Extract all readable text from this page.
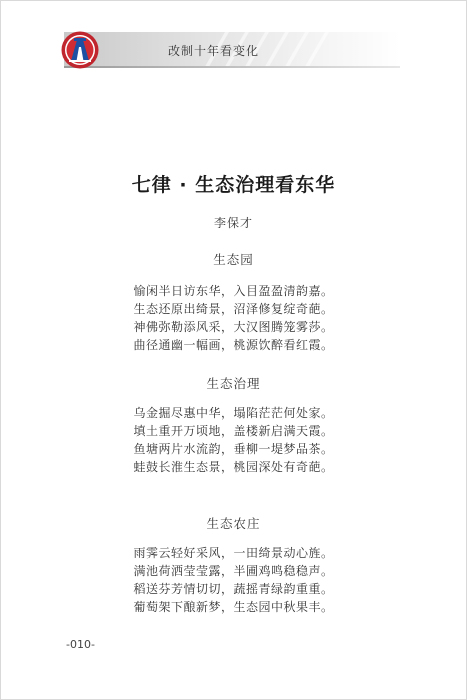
改制十年看变化
七律 · 生态治理看东华
李保才
生态园
愉闲半日访东华，入目盈盈清韵嘉。
生态还原出绮景，沼泽修复绽奇葩。
神佛弥勒添风采，大汉图腾笼雾莎。
曲径通幽一幅画，桃源饮醉看红霞。
生态治理
乌金掘尽惠中华，塌陷茫茫何处家。
填土重开万顷地，盖楼新启满天霞。
鱼塘两片水流韵，垂柳一堤梦品茶。
蛙鼓长淮生态景，桃园深处有奇葩。
生态农庄
雨霁云轻好采风，一田绮景动心旌。
满池荷洒莹莹露，半圃鸡鸣稳稳声。
稻送芬芳情切切，蔬摇青绿韵重重。
葡萄架下酿新梦，生态园中秋果丰。
-010-
